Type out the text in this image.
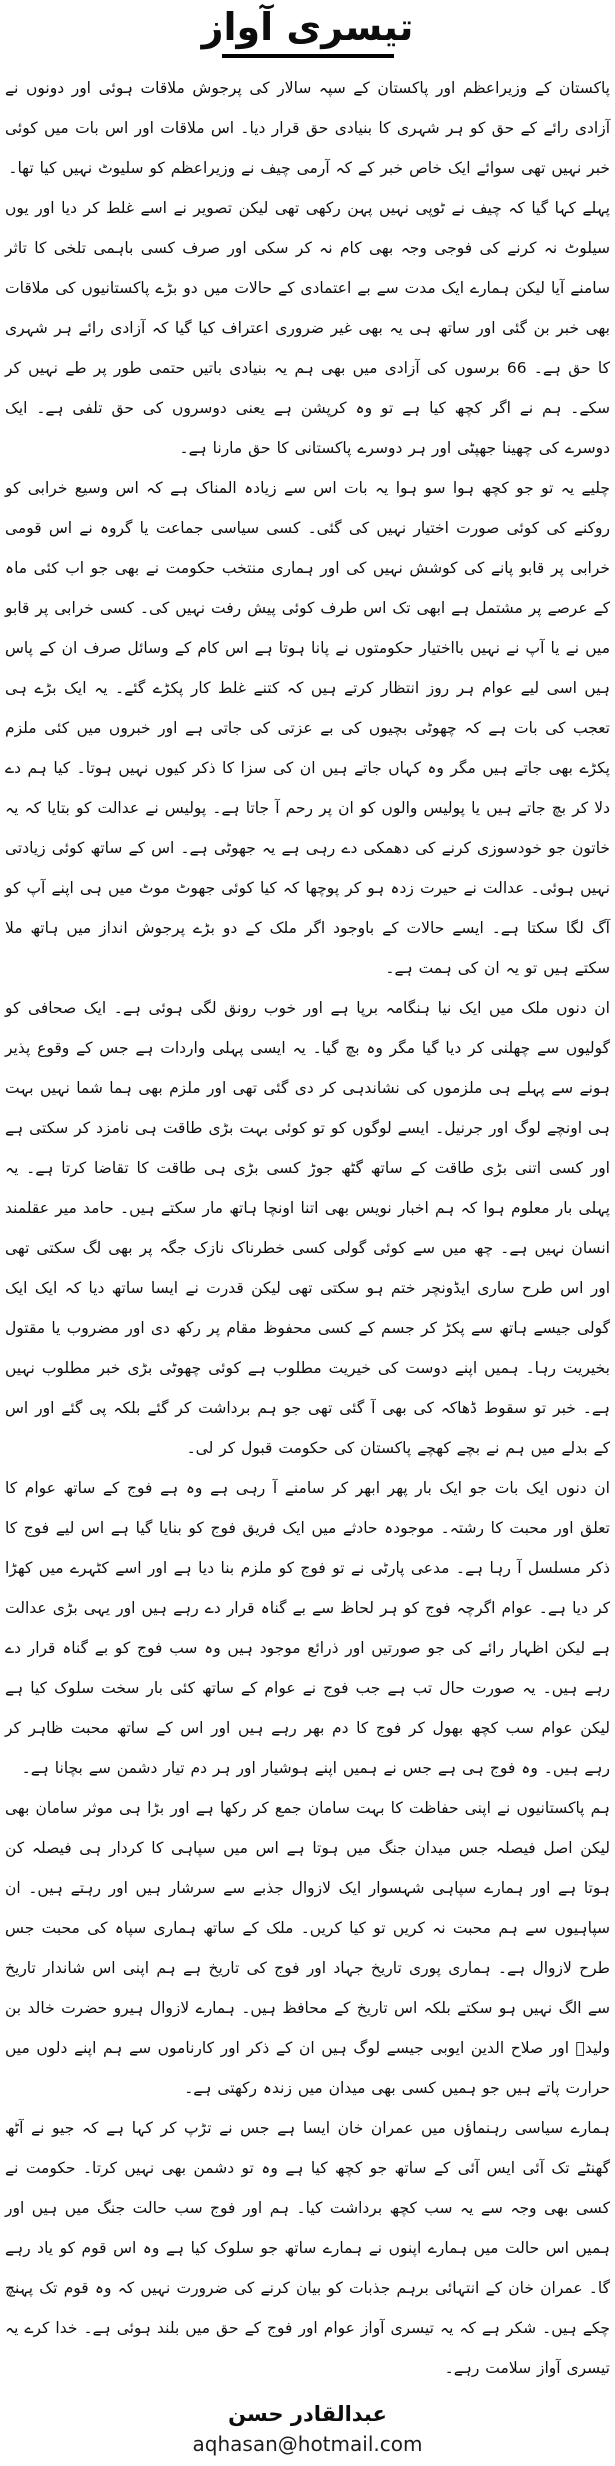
تیسری آواز

پاکستان کے وزیراعظم اور پاکستان کے سپہ سالار کی پرجوش ملاقات ہوئی اور دونوں نے آزادی رائے کے حق کو ہر شہری کا بنیادی حق قرار دیا۔ اس ملاقات اور اس بات میں کوئی خبر نہیں تھی سوائے ایک خاص خبر کے کہ آرمی چیف نے وزیراعظم کو سلیوٹ نہیں کیا تھا۔

پہلے کہا گیا کہ چیف نے ٹوپی نہیں پہن رکھی تھی لیکن تصویر نے اسے غلط کر دیا اور یوں سیلوٹ نہ کرنے کی فوجی وجہ بھی کام نہ کر سکی اور صرف کسی باہمی تلخی کا تاثر سامنے آیا لیکن ہمارے ایک مدت سے بے اعتمادی کے حالات میں دو بڑے پاکستانیوں کی ملاقات بھی خبر بن گئی اور ساتھ ہی یہ بھی غیر ضروری اعتراف کیا گیا کہ آزادی رائے ہر شہری کا حق ہے۔ 66 برسوں کی آزادی میں بھی ہم یہ بنیادی باتیں حتمی طور پر طے نہیں کر سکے۔ ہم نے اگر کچھ کیا ہے تو وہ کرپشن ہے یعنی دوسروں کی حق تلفی ہے۔ ایک دوسرے کی چھینا جھپٹی اور ہر دوسرے پاکستانی کا حق مارنا ہے۔

چلیے یہ تو جو کچھ ہوا سو ہوا یہ بات اس سے زیادہ المناک ہے کہ اس وسیع خرابی کو روکنے کی کوئی صورت اختیار نہیں کی گئی۔ کسی سیاسی جماعت یا گروہ نے اس قومی خرابی پر قابو پانے کی کوشش نہیں کی اور ہماری منتخب حکومت نے بھی جو اب کئی ماہ کے عرصے پر مشتمل ہے ابھی تک اس طرف کوئی پیش رفت نہیں کی۔ کسی خرابی پر قابو میں نے یا آپ نے نہیں بااختیار حکومتوں نے پانا ہوتا ہے اس کام کے وسائل صرف ان کے پاس ہیں اسی لیے عوام ہر روز انتظار کرتے ہیں کہ کتنے غلط کار پکڑے گئے۔ یہ ایک بڑے ہی تعجب کی بات ہے کہ چھوٹی بچیوں کی بے عزتی کی جاتی ہے اور خبروں میں کئی ملزم پکڑے بھی جاتے ہیں مگر وہ کہاں جاتے ہیں ان کی سزا کا ذکر کیوں نہیں ہوتا۔ کیا ہم دے دلا کر بچ جاتے ہیں یا پولیس والوں کو ان پر رحم آ جاتا ہے۔ پولیس نے عدالت کو بتایا کہ یہ خاتون جو خودسوزی کرنے کی دھمکی دے رہی ہے یہ جھوٹی ہے۔ اس کے ساتھ کوئی زیادتی نہیں ہوئی۔ عدالت نے حیرت زدہ ہو کر پوچھا کہ کیا کوئی جھوٹ موٹ میں ہی اپنے آپ کو آگ لگا سکتا ہے۔ ایسے حالات کے باوجود اگر ملک کے دو بڑے پرجوش انداز میں ہاتھ ملا سکتے ہیں تو یہ ان کی ہمت ہے۔

ان دنوں ملک میں ایک نیا ہنگامہ برپا ہے اور خوب رونق لگی ہوئی ہے۔ ایک صحافی کو گولیوں سے چھلنی کر دیا گیا مگر وہ بچ گیا۔ یہ ایسی پہلی واردات ہے جس کے وقوع پذیر ہونے سے پہلے ہی ملزموں کی نشاندہی کر دی گئی تھی اور ملزم بھی ہما شما نہیں بہت ہی اونچے لوگ اور جرنیل۔ ایسے لوگوں کو تو کوئی بہت بڑی طاقت ہی نامزد کر سکتی ہے اور کسی اتنی بڑی طاقت کے ساتھ گٹھ جوڑ کسی بڑی ہی طاقت کا تقاضا کرتا ہے۔ یہ پہلی بار معلوم ہوا کہ ہم اخبار نویس بھی اتنا اونچا ہاتھ مار سکتے ہیں۔ حامد میر عقلمند انسان نہیں ہے۔ چھ میں سے کوئی گولی کسی خطرناک نازک جگہ پر بھی لگ سکتی تھی اور اس طرح ساری ایڈونچر ختم ہو سکتی تھی لیکن قدرت نے ایسا ساتھ دیا کہ ایک ایک گولی جیسے ہاتھ سے پکڑ کر جسم کے کسی محفوظ مقام پر رکھ دی اور مضروب یا مقتول بخیریت رہا۔ ہمیں اپنے دوست کی خیریت مطلوب ہے کوئی چھوٹی بڑی خبر مطلوب نہیں ہے۔ خبر تو سقوط ڈھاکہ کی بھی آ گئی تھی جو ہم برداشت کر گئے بلکہ پی گئے اور اس کے بدلے میں ہم نے بچے کھچے پاکستان کی حکومت قبول کر لی۔

ان دنوں ایک بات جو ایک بار پھر ابھر کر سامنے آ رہی ہے وہ ہے فوج کے ساتھ عوام کا تعلق اور محبت کا رشتہ۔ موجودہ حادثے میں ایک فریق فوج کو بنایا گیا ہے اس لیے فوج کا ذکر مسلسل آ رہا ہے۔ مدعی پارٹی نے تو فوج کو ملزم بنا دیا ہے اور اسے کٹہرے میں کھڑا کر دیا ہے۔ عوام اگرچہ فوج کو ہر لحاظ سے بے گناہ قرار دے رہے ہیں اور یہی بڑی عدالت ہے لیکن اظہار رائے کی جو صورتیں اور ذرائع موجود ہیں وہ سب فوج کو بے گناہ قرار دے رہے ہیں۔ یہ صورت حال تب ہے جب فوج نے عوام کے ساتھ کئی بار سخت سلوک کیا ہے لیکن عوام سب کچھ بھول کر فوج کا دم بھر رہے ہیں اور اس کے ساتھ محبت ظاہر کر رہے ہیں۔ وہ فوج ہی ہے جس نے ہمیں اپنے ہوشیار اور ہر دم تیار دشمن سے بچانا ہے۔

ہم پاکستانیوں نے اپنی حفاظت کا بہت سامان جمع کر رکھا ہے اور بڑا ہی موثر سامان بھی لیکن اصل فیصلہ جس میدان جنگ میں ہوتا ہے اس میں سپاہی کا کردار ہی فیصلہ کن ہوتا ہے اور ہمارے سپاہی شہسوار ایک لازوال جذبے سے سرشار ہیں اور رہتے ہیں۔ ان سپاہیوں سے ہم محبت نہ کریں تو کیا کریں۔ ملک کے ساتھ ہماری سپاہ کی محبت جس طرح لازوال ہے۔ ہماری پوری تاریخ جہاد اور فوج کی تاریخ ہے ہم اپنی اس شاندار تاریخ سے الگ نہیں ہو سکتے بلکہ اس تاریخ کے محافظ ہیں۔ ہمارے لازوال ہیرو حضرت خالد بن ولیدؓ اور صلاح الدین ایوبی جیسے لوگ ہیں ان کے ذکر اور کارناموں سے ہم اپنے دلوں میں حرارت پاتے ہیں جو ہمیں کسی بھی میدان میں زندہ رکھتی ہے۔

ہمارے سیاسی رہنماؤں میں عمران خان ایسا ہے جس نے تڑپ کر کہا ہے کہ جیو نے آٹھ گھنٹے تک آئی ایس آئی کے ساتھ جو کچھ کیا ہے وہ تو دشمن بھی نہیں کرتا۔ حکومت نے کسی بھی وجہ سے یہ سب کچھ برداشت کیا۔ ہم اور فوج سب حالت جنگ میں ہیں اور ہمیں اس حالت میں ہمارے اپنوں نے ہمارے ساتھ جو سلوک کیا ہے وہ اس قوم کو یاد رہے گا۔ عمران خان کے انتہائی برہم جذبات کو بیان کرنے کی ضرورت نہیں کہ وہ قوم تک پہنچ چکے ہیں۔ شکر ہے کہ یہ تیسری آواز عوام اور فوج کے حق میں بلند ہوئی ہے۔ خدا کرے یہ تیسری آواز سلامت رہے۔

عبدالقادر حسن
aqhasan@hotmail.com
